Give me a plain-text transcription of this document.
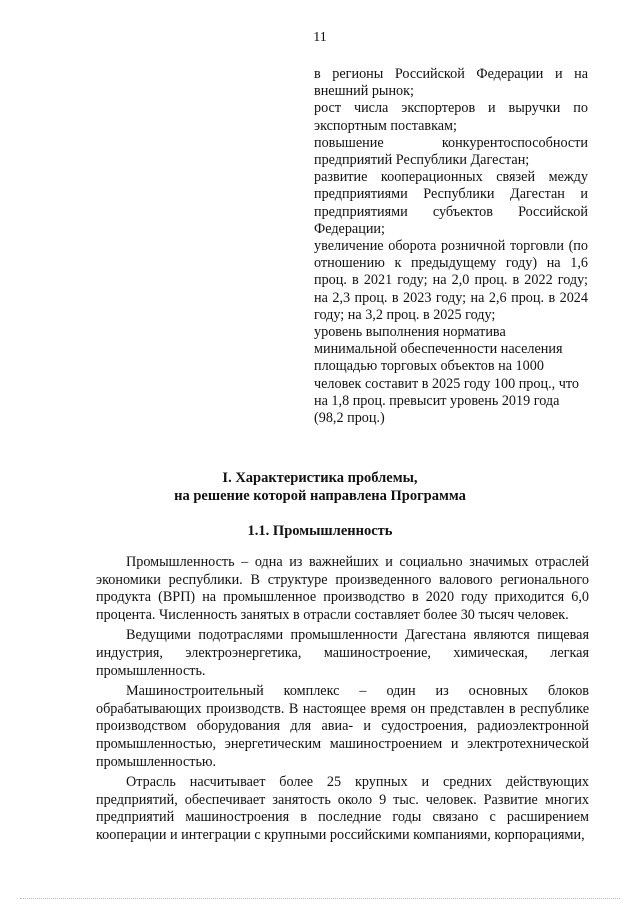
11

в регионы Российской Федерации и на внешний рынок;

рост числа экспортеров и выручки по экспортным поставкам;

повышение конкурентоспособности предприятий Республики Дагестан;

развитие кооперационных связей между предприятиями Республики Дагестан и предприятиями субъектов Российской Федерации;

увеличение оборота розничной торговли (по отношению к предыдущему году) на 1,6 проц. в 2021 году; на 2,0 проц. в 2022 году; на 2,3 проц. в 2023 году; на 2,6 проц. в 2024 году; на 3,2 проц. в 2025 году;

уровень выполнения норматива минимальной обеспеченности населения площадью торговых объектов на 1000 человек составит в 2025 году 100 проц., что на 1,8 проц. превысит уровень 2019 года (98,2 проц.)

I. Характеристика проблемы,
на решение которой направлена Программа
1.1. Промышленность

Промышленность – одна из важнейших и социально значимых отраслей экономики республики. В структуре произведенного валового регионального продукта (ВРП) на промышленное производство в 2020 году приходится 6,0 процента. Численность занятых в отрасли составляет более 30 тысяч человек.

Ведущими подотраслями промышленности Дагестана являются пищевая индустрия, электроэнергетика, машиностроение, химическая, легкая промышленность.

Машиностроительный комплекс – один из основных блоков обрабатывающих производств. В настоящее время он представлен в республике производством оборудования для авиа- и судостроения, радиоэлектронной промышленностью, энергетическим машиностроением и электротехнической промышленностью.

Отрасль насчитывает более 25 крупных и средних действующих предприятий, обеспечивает занятость около 9 тыс. человек. Развитие многих предприятий машиностроения в последние годы связано с расширением кооперации и интеграции с крупными российскими компаниями, корпорациями,
